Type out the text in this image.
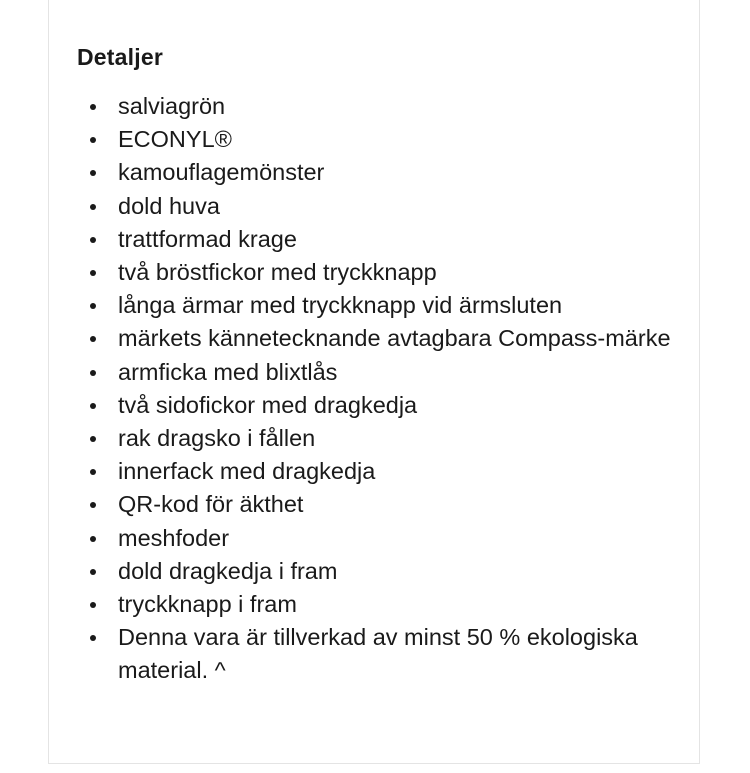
Detaljer
salviagrön
ECONYL®
kamouflagemönster
dold huva
trattformad krage
två bröstfickor med tryckknapp
långa ärmar med tryckknapp vid ärmsluten
märkets kännetecknande avtagbara Compass-märke
armficka med blixtlås
två sidofickor med dragkedja
rak dragsko i fållen
innerfack med dragkedja
QR-kod för äkthet
meshfoder
dold dragkedja i fram
tryckknapp i fram
Denna vara är tillverkad av minst 50 % ekologiska material. ^
